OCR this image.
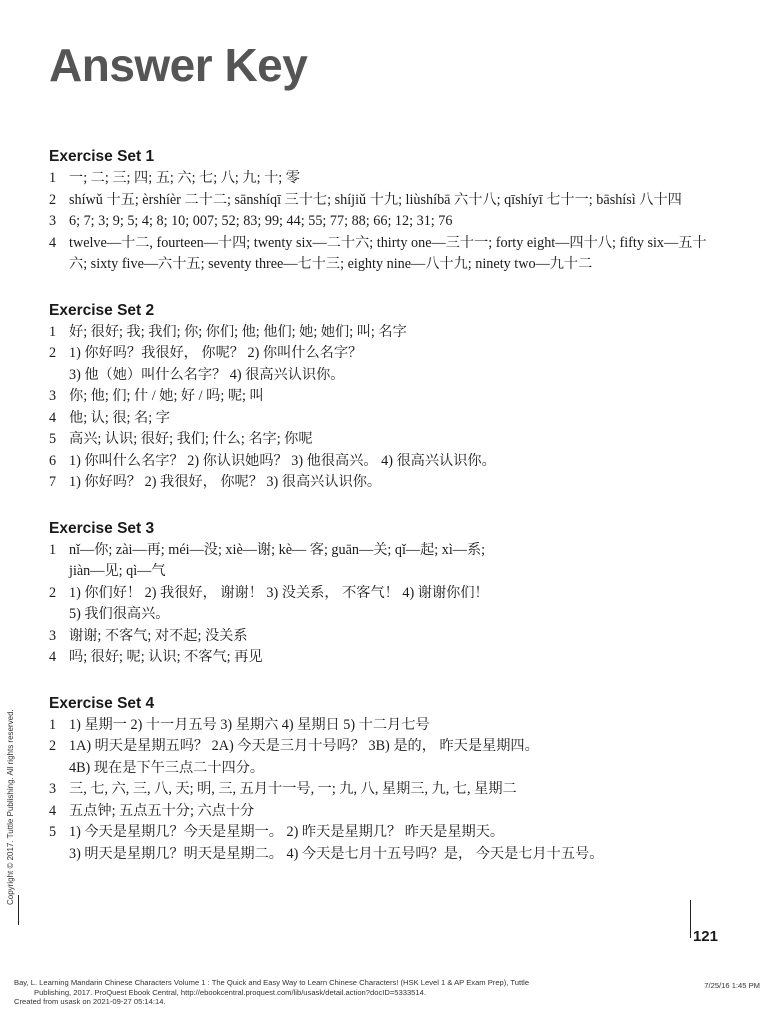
Answer Key
Exercise Set 1
1 一; 二; 三; 四; 五; 六; 七; 八; 九; 十; 零
2 shíwǔ 十五; èrshíèr 二十二; sānshíqī 三十七; shíjiǔ 十九; liùshíbā 六十八; qīshíyī 七十一; bāshísì 八十四
3 6; 7; 3; 9; 5; 4; 8; 10; 007; 52; 83; 99; 44; 55; 77; 88; 66; 12; 31; 76
4 twelve—十二, fourteen—十四; twenty six—二十六; thirty one—三十一; forty eight—四十八; fifty six—五十六; sixty five—六十五; seventy three—七十三; eighty nine—八十九; ninety two—九十二
Exercise Set 2
1 好; 很好; 我; 我们; 你; 你们; 他; 他们; 她; 她们; 叫; 名字
2 1) 你好吗？我很好， 你呢？ 2) 你叫什么名字？
3) 他（她）叫什么名字？ 4) 很高兴认识你。
3 你; 他; 们; 什 / 她; 好 / 吗; 呢; 叫
4 他; 认; 很; 名; 字
5 高兴; 认识; 很好; 我们; 什么; 名字; 你呢
6 1) 你叫什么名字？ 2) 你认识她吗？ 3) 他很高兴。 4) 很高兴认识你。
7 1) 你好吗？ 2) 我很好， 你呢？ 3) 很高兴认识你。
Exercise Set 3
1 nǐ—你; zài—再; méi—没; xiè—谢; kè— 客; guān—关; qǐ—起; xì—系;
jiàn—见; qì—气
2 1) 你们好！ 2) 我很好， 谢谢！ 3) 没关系， 不客气！ 4) 谢谢你们！
5) 我们很高兴。
3 谢谢; 不客气; 对不起; 没关系
4 吗; 很好; 呢; 认识; 不客气; 再见
Exercise Set 4
1 1) 星期一 2) 十一月五号 3) 星期六 4) 星期日 5) 十二月七号
2 1A) 明天是星期五吗？ 2A) 今天是三月十号吗？ 3B) 是的， 昨天是星期四。
4B) 现在是下午三点二十四分。
3 三, 七, 六, 三, 八, 天; 明, 三, 五月十一号, 一; 九, 八, 星期三, 九, 七, 星期二
4 五点钟; 五点五十分; 六点十分
5 1) 今天是星期几？今天是星期一。 2) 昨天是星期几？ 昨天是星期天。
3) 明天是星期几？明天是星期二。 4) 今天是七月十五号吗？是， 今天是七月十五号。
Copyright © 2017. Tuttle Publishing. All rights reserved.
121
Bay, L. Learning Mandarin Chinese Characters Volume 1 : The Quick and Easy Way to Learn Chinese Characters! (HSK Level 1 & AP Exam Prep), Tuttle
Publishing, 2017. ProQuest Ebook Central, http://ebookcentral.proquest.com/lib/usask/detail.action?docID=5333514.
Created from usask on 2021-09-27 05:14:14.
7/25/16 1:45 PM
